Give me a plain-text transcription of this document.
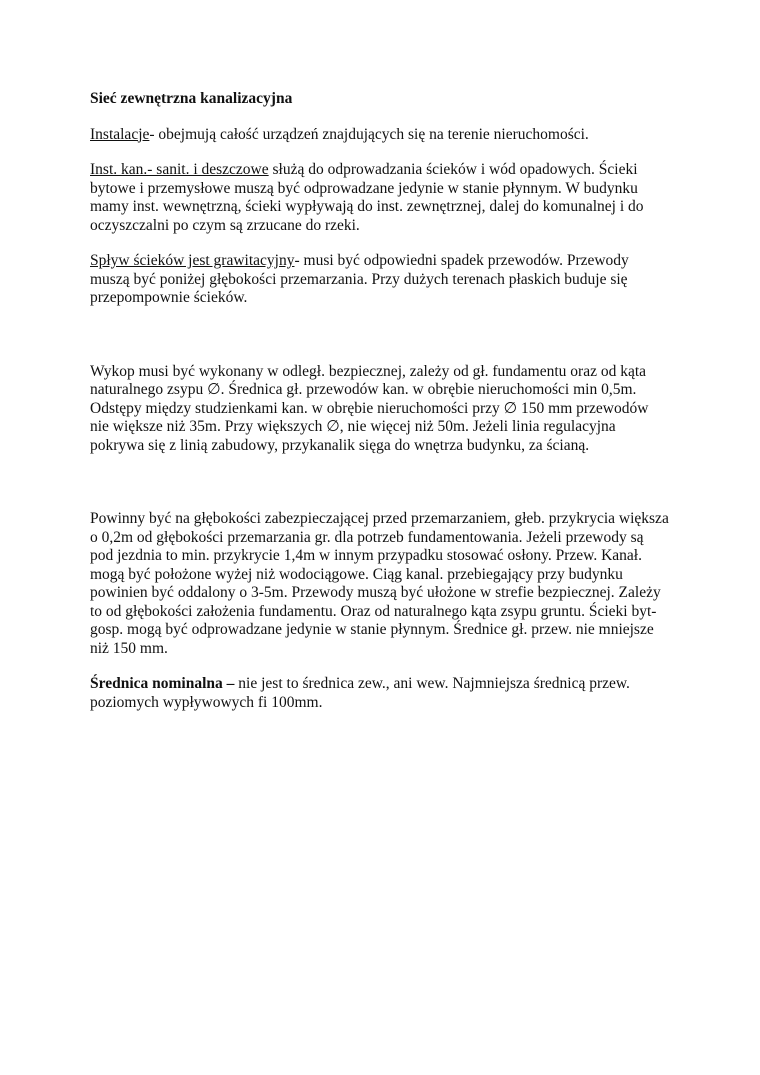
Sieć zewnętrzna kanalizacyjna

Instalacje- obejmują całość urządzeń znajdujących się na terenie nieruchomości.

Inst. kan.- sanit. i deszczowe służą do odprowadzania ścieków i wód opadowych. Ścieki bytowe i przemysłowe muszą być odprowadzane jedynie w stanie płynnym. W budynku mamy inst. wewnętrzną, ścieki wypływają do inst. zewnętrznej, dalej do komunalnej i do oczyszczalni po czym są zrzucane do rzeki.

Spływ ścieków jest grawitacyjny- musi być odpowiedni spadek przewodów. Przewody muszą być poniżej głębokości przemarzania. Przy dużych terenach płaskich buduje się przepompownie ścieków.

Wykop musi być wykonany w odległ. bezpiecznej, zależy od gł. fundamentu oraz od kąta naturalnego zsypu ∅. Średnica gł. przewodów kan. w obrębie nieruchomości min 0,5m. Odstępy między studzienkami kan. w obrębie nieruchomości przy ∅ 150 mm przewodów nie większe niż 35m. Przy większych ∅, nie więcej niż 50m. Jeżeli linia regulacyjna pokrywa się z linią zabudowy, przykanalik sięga do wnętrza budynku, za ścianą.

Powinny być na głębokości zabezpieczającej przed przemarzaniem, głeb. przykrycia większa o 0,2m od głębokości przemarzania gr. dla potrzeb fundamentowania. Jeżeli przewody są pod jezdnia to min. przykrycie 1,4m w innym przypadku stosować osłony. Przew. Kanał. mogą być położone wyżej niż wodociągowe. Ciąg kanal. przebiegający przy budynku powinien być oddalony o 3-5m. Przewody muszą być ułożone w strefie bezpiecznej. Zależy to od głębokości założenia fundamentu. Oraz od naturalnego kąta zsypu gruntu. Ścieki byt-gosp. mogą być odprowadzane jedynie w stanie płynnym. Średnice gł. przew. nie mniejsze niż 150 mm.

Średnica nominalna – nie jest to średnica zew., ani wew. Najmniejsza średnicą przew. poziomych wypływowych fi 100mm.
